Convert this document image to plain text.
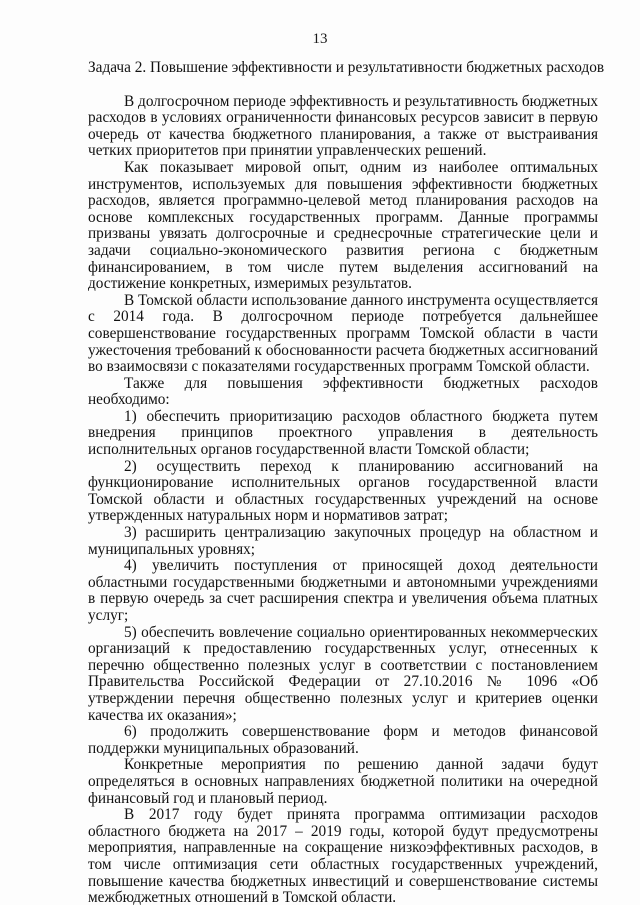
13

Задача 2. Повышение эффективности и результативности бюджетных расходов

В долгосрочном периоде эффективность и результативность бюджетных расходов в условиях ограниченности финансовых ресурсов зависит в первую очередь от качества бюджетного планирования, а также от выстраивания четких приоритетов при принятии управленческих решений.

Как показывает мировой опыт, одним из наиболее оптимальных инструментов, используемых для повышения эффективности бюджетных расходов, является программно-целевой метод планирования расходов на основе комплексных государственных программ. Данные программы призваны увязать долгосрочные и среднесрочные стратегические цели и задачи социально-экономического развития региона с бюджетным финансированием, в том числе путем выделения ассигнований на достижение конкретных, измеримых результатов.

В Томской области использование данного инструмента осуществляется с 2014 года. В долгосрочном периоде потребуется дальнейшее совершенствование государственных программ Томской области в части ужесточения требований к обоснованности расчета бюджетных ассигнований во взаимосвязи с показателями государственных программ Томской области.

Также для повышения эффективности бюджетных расходов необходимо:

1) обеспечить приоритизацию расходов областного бюджета путем внедрения принципов проектного управления в деятельность исполнительных органов государственной власти Томской области;

2) осуществить переход к планированию ассигнований на функционирование исполнительных органов государственной власти Томской области и областных государственных учреждений на основе утвержденных натуральных норм и нормативов затрат;

3) расширить централизацию закупочных процедур на областном и муниципальных уровнях;

4) увеличить поступления от приносящей доход деятельности областными государственными бюджетными и автономными учреждениями в первую очередь за счет расширения спектра и увеличения объема платных услуг;

5) обеспечить вовлечение социально ориентированных некоммерческих организаций к предоставлению государственных услуг, отнесенных к перечню общественно полезных услуг в соответствии с постановлением Правительства Российской Федерации от 27.10.2016 № 1096 «Об утверждении перечня общественно полезных услуг и критериев оценки качества их оказания»;

6) продолжить совершенствование форм и методов финансовой поддержки муниципальных образований.

Конкретные мероприятия по решению данной задачи будут определяться в основных направлениях бюджетной политики на очередной финансовый год и плановый период.

В 2017 году будет принята программа оптимизации расходов областного бюджета на 2017 – 2019 годы, которой будут предусмотрены мероприятия, направленные на сокращение низкоэффективных расходов, в том числе оптимизация сети областных государственных учреждений, повышение качества бюджетных инвестиций и совершенствование системы межбюджетных отношений в Томской области.
